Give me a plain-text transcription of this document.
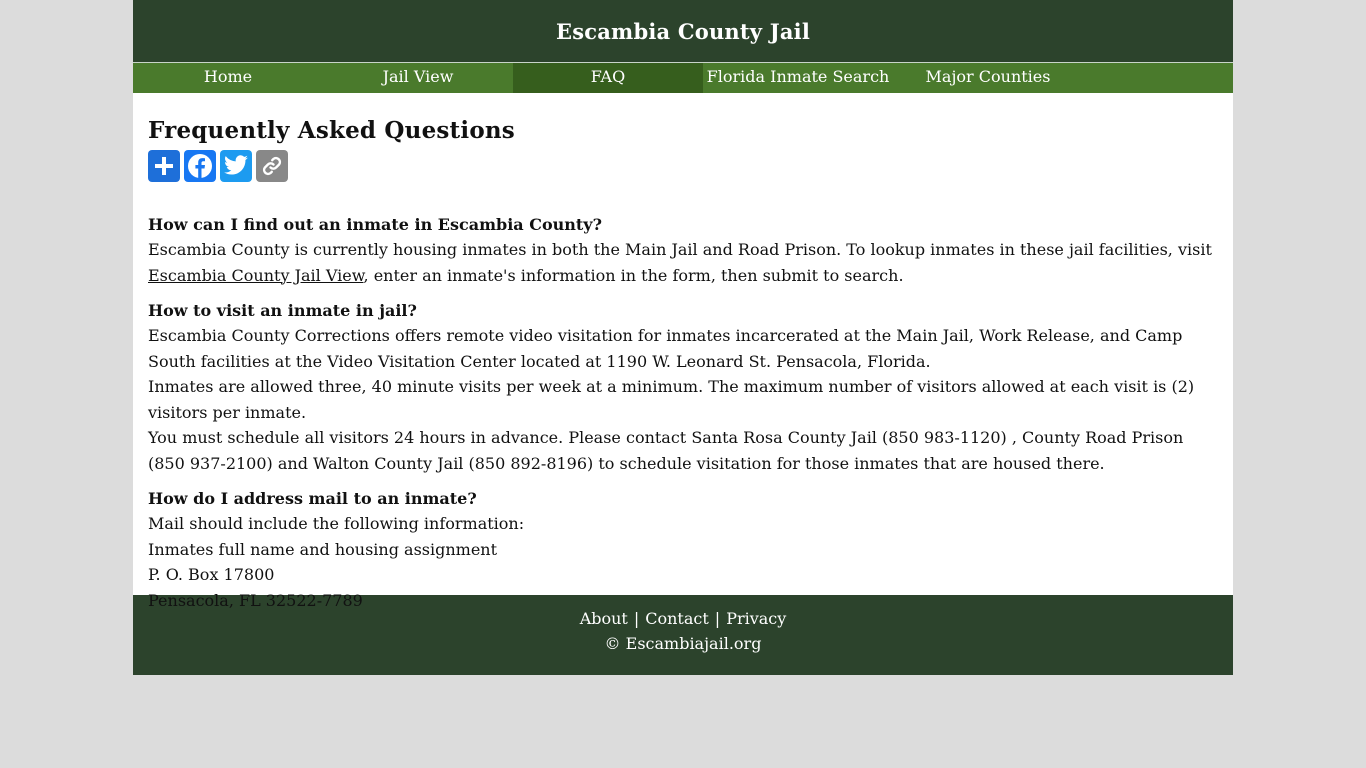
Escambia County Jail
Home	Jail View	FAQ	Florida Inmate Search	Major Counties
Frequently Asked Questions

How can I find out an inmate in Escambia County?

Escambia County is currently housing inmates in both the Main Jail and Road Prison. To lookup inmates in these jail facilities, visit Escambia County Jail View, enter an inmate's information in the form, then submit to search.

How to visit an inmate in jail?

Escambia County Corrections offers remote video visitation for inmates incarcerated at the Main Jail, Work Release, and Camp South facilities at the Video Visitation Center located at 1190 W. Leonard St. Pensacola, Florida.

Inmates are allowed three, 40 minute visits per week at a minimum. The maximum number of visitors allowed at each visit is (2) visitors per inmate.

You must schedule all visitors 24 hours in advance. Please contact Santa Rosa County Jail (850 983-1120) , County Road Prison (850 937-2100) and Walton County Jail (850 892-8196) to schedule visitation for those inmates that are housed there.

How do I address mail to an inmate?

Mail should include the following information:

Inmates full name and housing assignment

P. O. Box 17800

Pensacola, FL 32522-7789

About | Contact | Privacy
© Escambiajail.org
